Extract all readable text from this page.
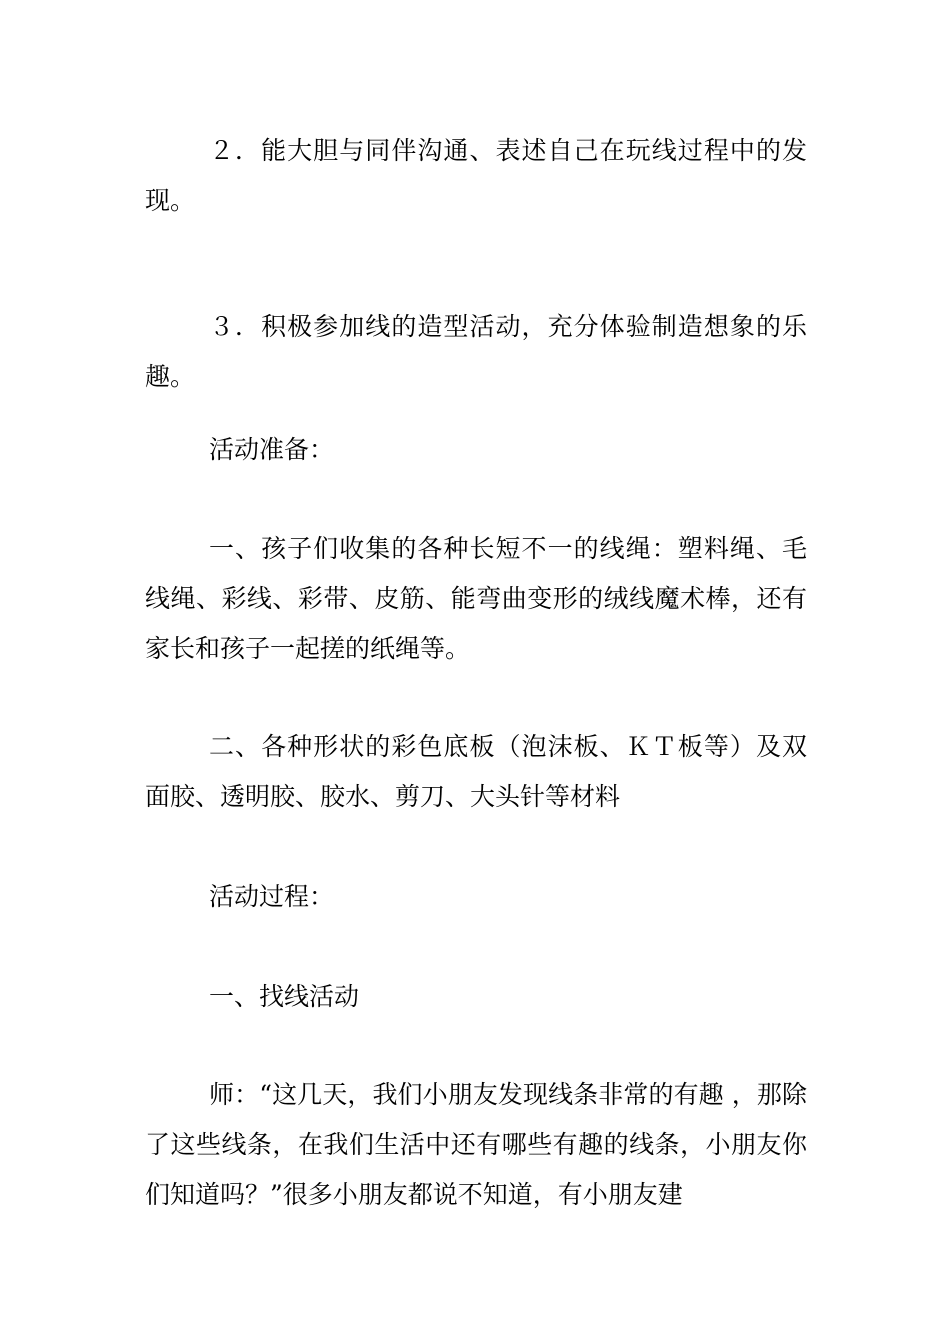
２．能大胆与同伴沟通、表述自己在玩线过程中的发现。

３．积极参加线的造型活动，充分体验制造想象的乐趣。

活动准备：

一、孩子们收集的各种长短不一的线绳：塑料绳、毛线绳、彩线、彩带、皮筋、能弯曲变形的绒线魔术棒，还有家长和孩子一起搓的纸绳等。

二、各种形状的彩色底板（泡沫板、ＫＴ板等）及双面胶、透明胶、胶水、剪刀、大头针等材料

活动过程：

一、找线活动

师：“这几天，我们小朋友发现线条非常的有趣 ，那除了这些线条，在我们生活中还有哪些有趣的线条，小朋友你们知道吗？”很多小朋友都说不知道，有小朋友建
